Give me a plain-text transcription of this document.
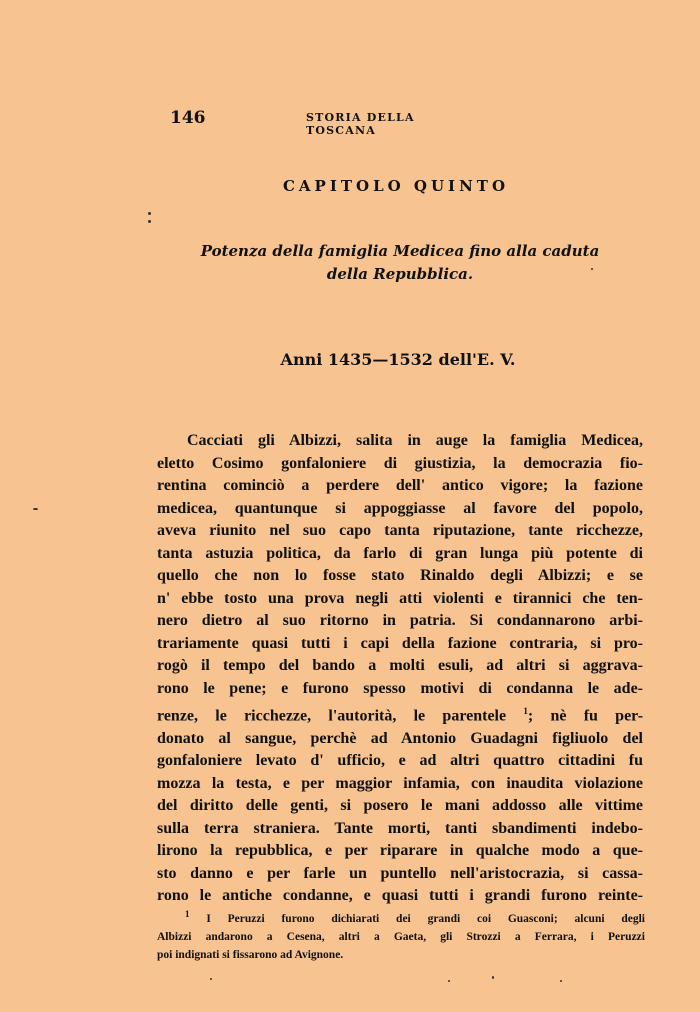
146	STORIA DELLA TOSCANA
CAPITOLO QUINTO
Potenza della famiglia Medicea fino alla caduta
della Repubblica.
Anni 1435—1532 dell'E. V.
Cacciati gli Albizzi, salita in auge la famiglia Medicea,
eletto Cosimo gonfaloniere di giustizia, la democrazia fio-
rentina cominciò a perdere dell' antico vigore; la fazione
medicea, quantunque si appoggiasse al favore del popolo,
aveva riunito nel suo capo tanta riputazione, tante ricchezze,
tanta astuzia politica, da farlo di gran lunga più potente di
quello che non lo fosse stato Rinaldo degli Albizzi; e se
n' ebbe tosto una prova negli atti violenti e tirannici che ten-
nero dietro al suo ritorno in patria. Si condannarono arbi-
trariamente quasi tutti i capi della fazione contraria, si pro-
rogò il tempo del bando a molti esuli, ad altri si aggrava-
rono le pene; e furono spesso motivi di condanna le ade-
renze, le ricchezze, l'autorità, le parentele $^1$; nè fu per-
donato al sangue, perchè ad Antonio Guadagni figliuolo del
gonfaloniere levato d' ufficio, e ad altri quattro cittadini fu
mozza la testa, e per maggior infamia, con inaudita violazione
del diritto delle genti, si posero le mani addosso alle vittime
sulla terra straniera. Tante morti, tanti sbandimenti indebo-
lirono la repubblica, e per riparare in qualche modo a que-
sto danno e per farle un puntello nell'aristocrazia, si cassa-
rono le antiche condanne, e quasi tutti i grandi furono reinte-
$^1$ I Peruzzi furono dichiarati dei grandi coi Guasconi; alcuni degli
Albizzi andarono a Cesena, altri a Gaeta, gli Strozzi a Ferrara, i Peruzzi
poi indignati si fissarono ad Avignone.
